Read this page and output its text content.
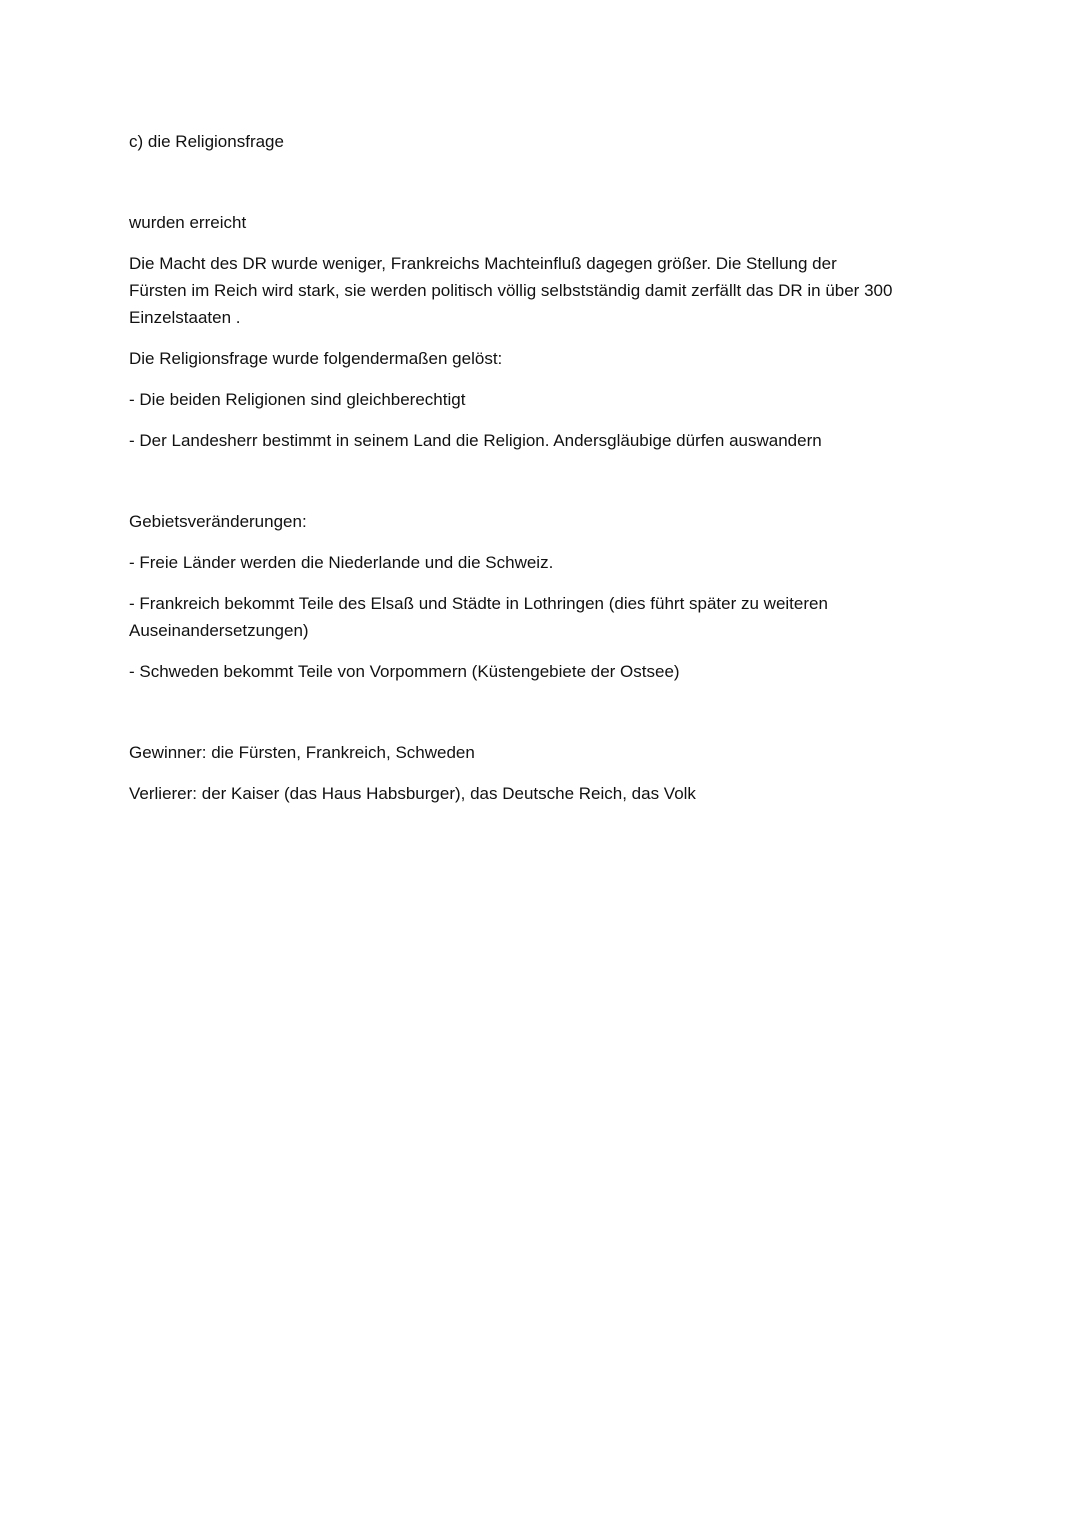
c) die Religionsfrage

wurden erreicht

Die Macht des DR wurde weniger, Frankreichs Machteinfluß dagegen größer. Die Stellung der
Fürsten im Reich wird stark, sie werden politisch völlig selbstständig damit zerfällt das DR in über 300
Einzelstaaten .

Die Religionsfrage wurde folgendermaßen gelöst:

- Die beiden Religionen sind gleichberechtigt

- Der Landesherr bestimmt in seinem Land die Religion. Andersgläubige dürfen auswandern

Gebietsveränderungen:

- Freie Länder werden die Niederlande und die Schweiz.

- Frankreich bekommt Teile des Elsaß und Städte in Lothringen (dies führt später zu weiteren
Auseinandersetzungen)

- Schweden bekommt Teile von Vorpommern (Küstengebiete der Ostsee)

Gewinner: die Fürsten, Frankreich, Schweden

Verlierer: der Kaiser (das Haus Habsburger), das Deutsche Reich, das Volk
